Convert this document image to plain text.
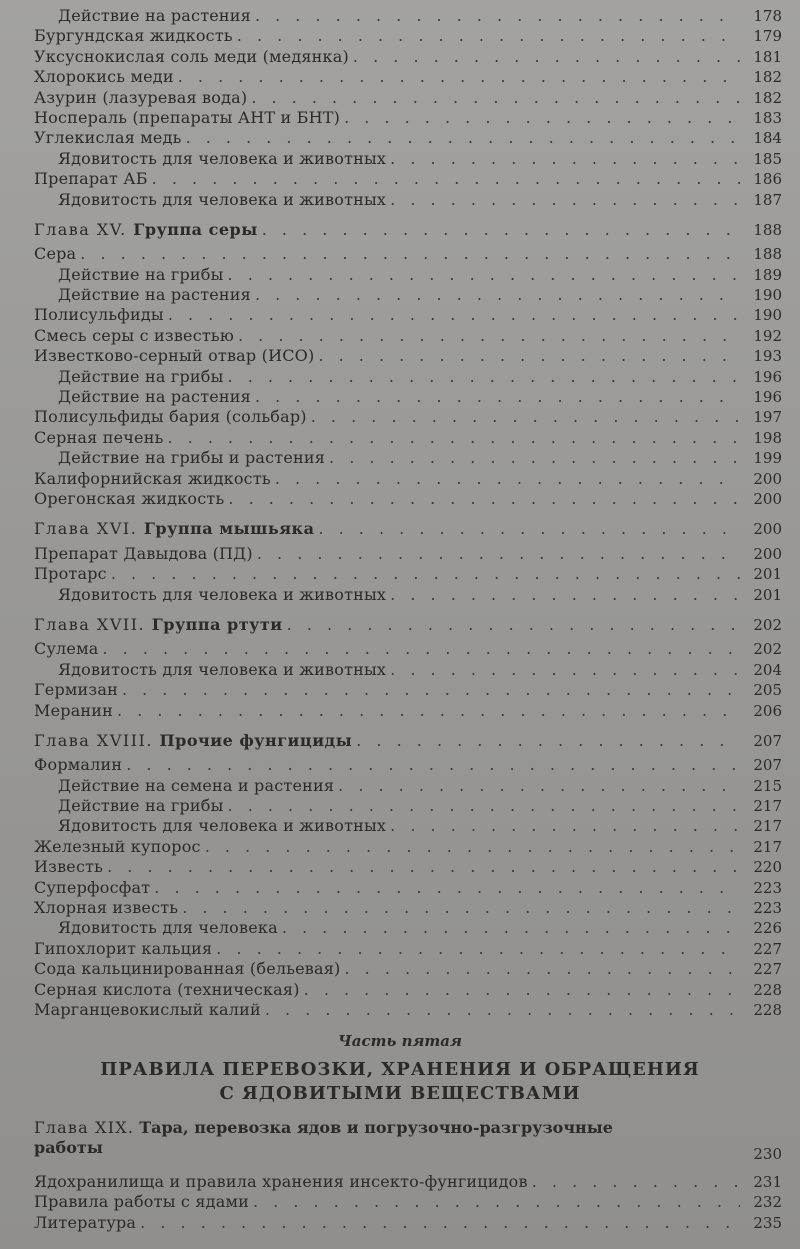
Действие на растения . . .	178
Бургундская жидкость . . .	179
Уксуснокислая соль меди (медянка) . . .	181
Хлорокись меди . . .	182
Азурин (лазуревая вода) . . .	182
Носпераль (препараты АНТ и БНТ) . . .	183
Углекислая медь . . .	184
Ядовитость для человека и животных . . .	185
Препарат АБ . . .	186
Ядовитость для человека и животных . . .	187
Глава XV. Группа серы . . .	188
Сера . . .	188
Действие на грибы . . .	189
Действие на растения . . .	190
Полисульфиды . . .	190
Смесь серы с известью . . .	192
Известково-серный отвар (ИСО) . . .	193
Действие на грибы . . .	196
Действие на растения . . .	196
Полисульфиды бария (сольбар) . . .	197
Серная печень . . .	198
Действие на грибы и растения . . .	199
Калифорнийская жидкость . . .	200
Орегонская жидкость . . .	200
Глава XVI. Группа мышьяка . . .	200
Препарат Давыдова (ПД) . . .	200
Протарс . . .	201
Ядовитость для человека и животных . . .	201
Глава XVII. Группа ртути . . .	202
Сулема . . .	202
Ядовитость для человека и животных . . .	204
Гермизан . . .	205
Меранин . . .	206
Глава XVIII. Прочие фунгициды . . .	207
Формалин . . .	207
Действие на семена и растения . . .	215
Действие на грибы . . .	217
Ядовитость для человека и животных . . .	217
Железный купорос . . .	217
Известь . . .	220
Суперфосфат . . .	223
Хлорная известь . . .	223
Ядовитость для человека . . .	226
Гипохлорит кальция . . .	227
Сода кальцинированная (бельевая) . . .	227
Серная кислота (техническая) . . .	228
Марганцевокислый калий . . .	228
Часть пятая
ПРАВИЛА ПЕРЕВОЗКИ, ХРАНЕНИЯ И ОБРАЩЕНИЯ
С ЯДОВИТЫМИ ВЕЩЕСТВАМИ
Глава XIX. Тара, перевозка ядов и погрузочно-разгрузочные
работы	230
Ядохранилища и правила хранения инсекто-фунгицидов . . .	231
Правила работы с ядами . . .	232
Литература . . .	235
